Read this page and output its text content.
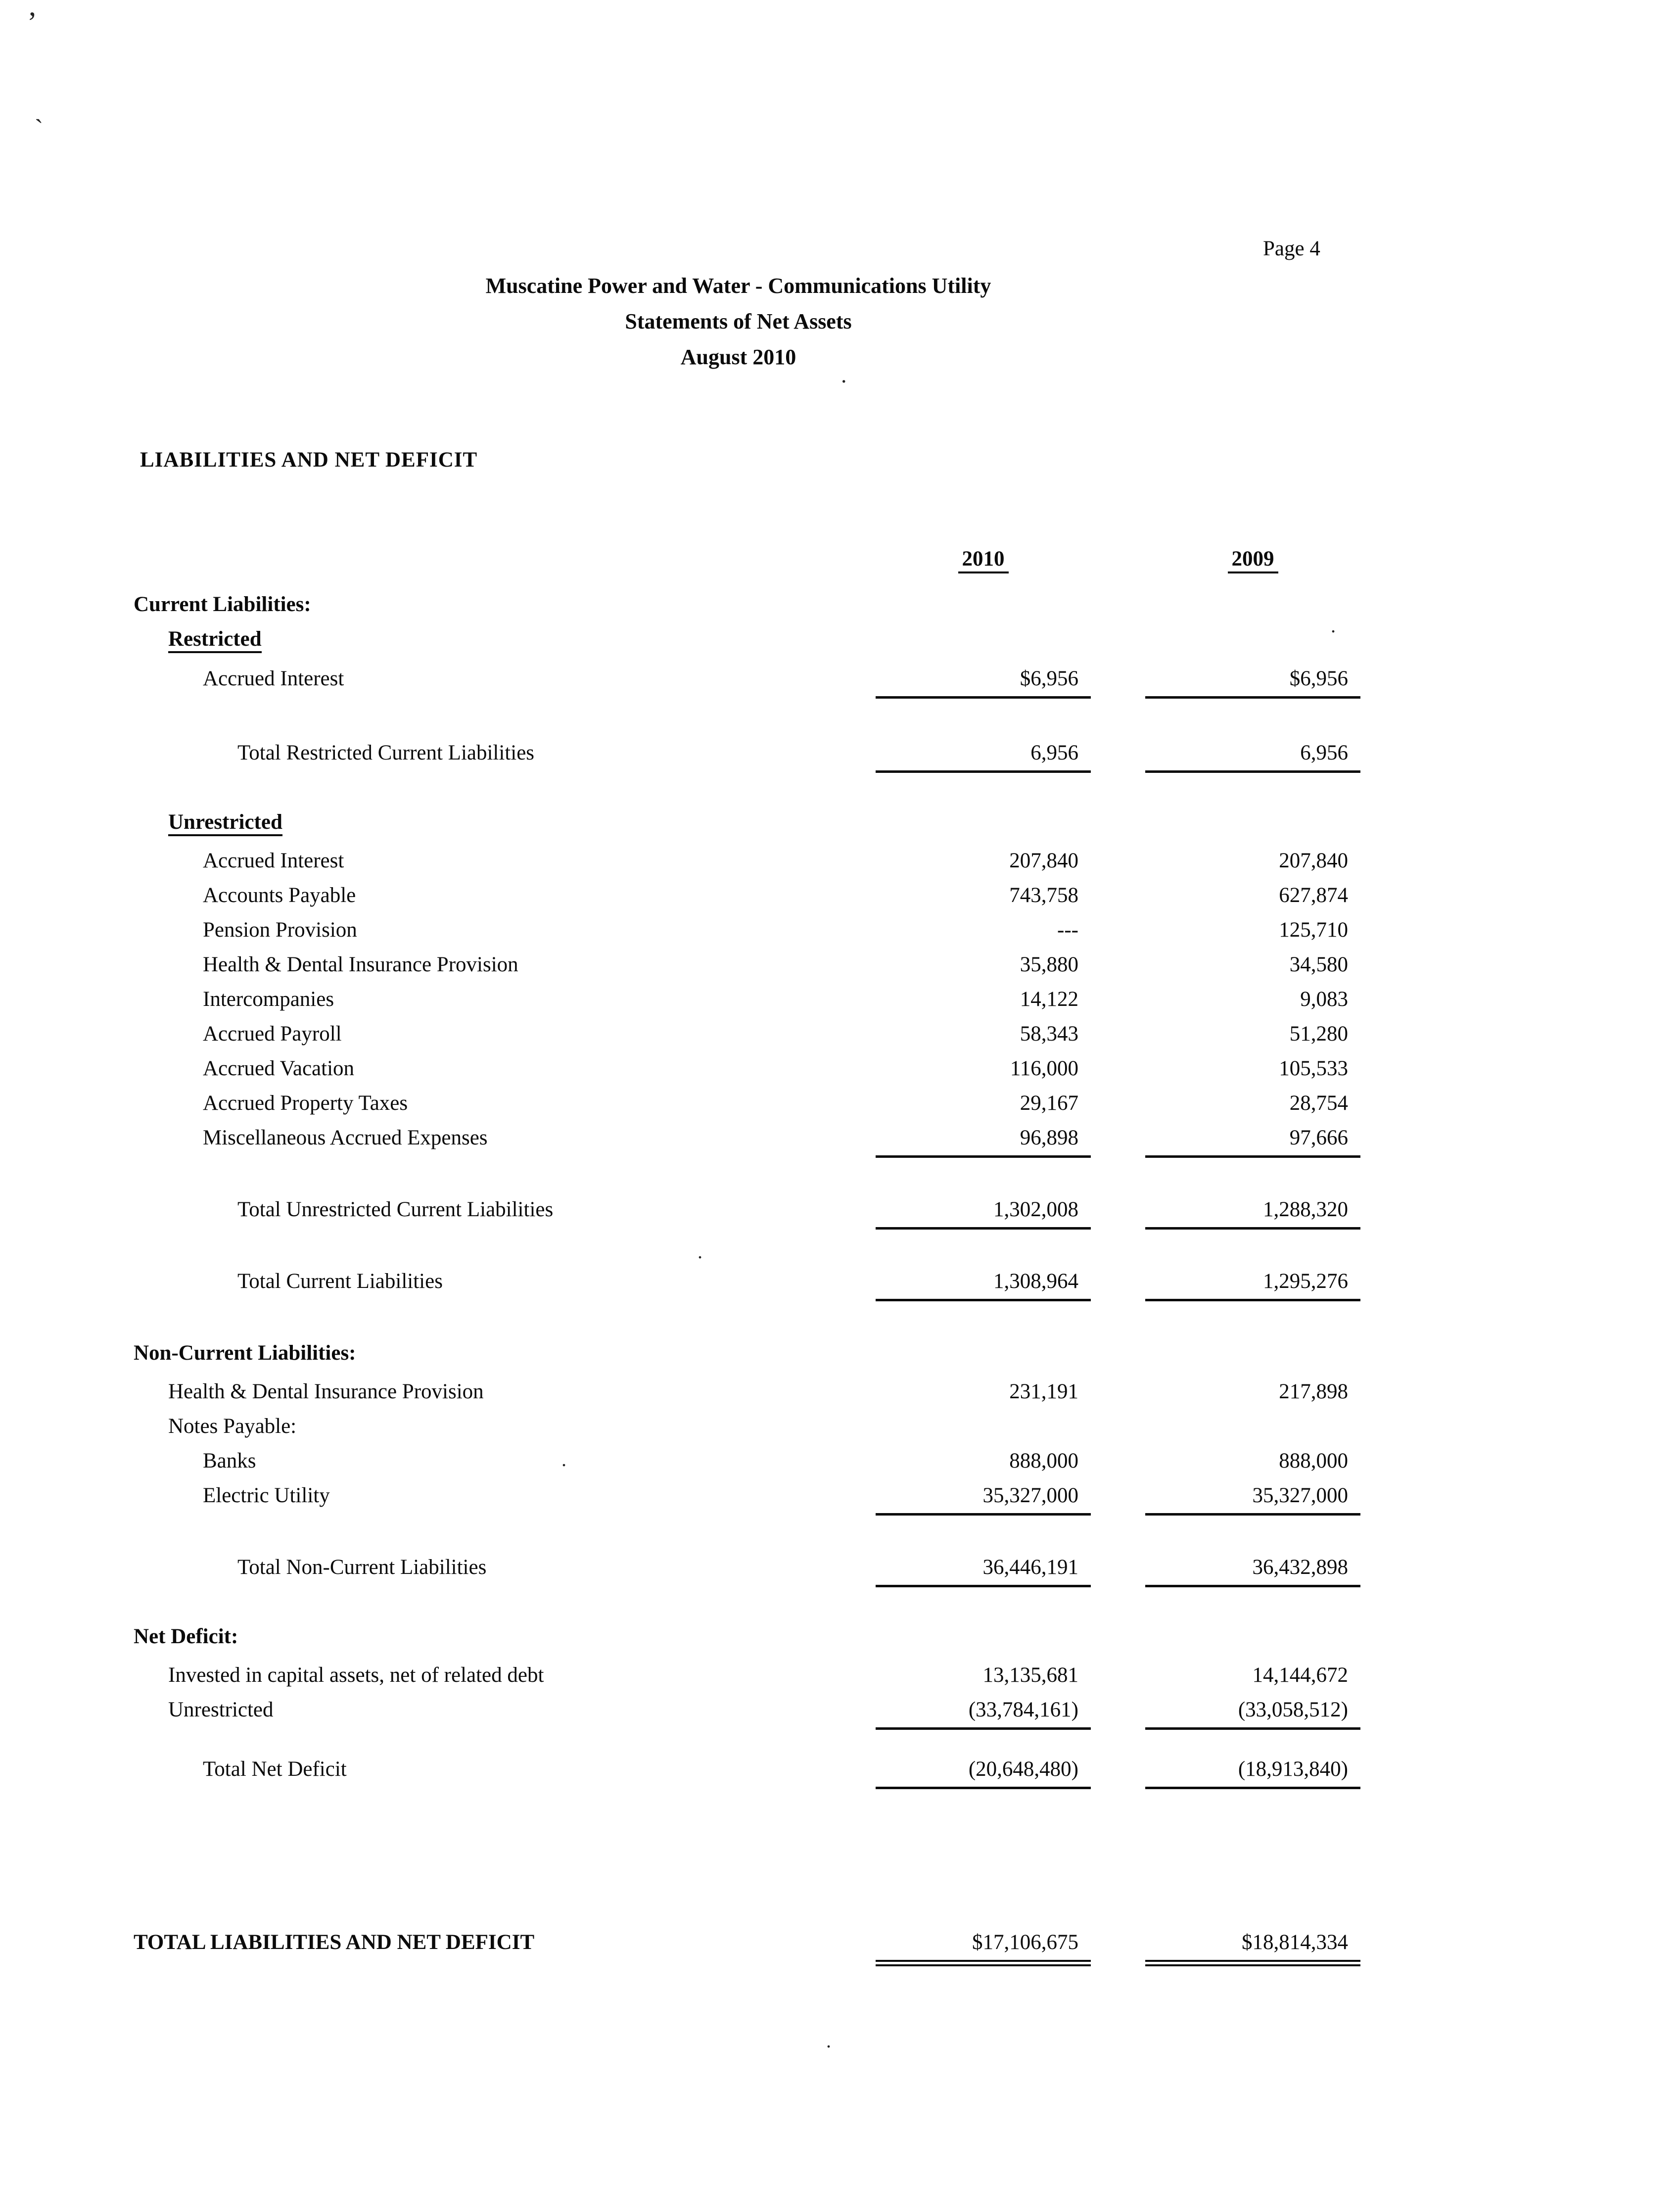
Page 4
Muscatine Power and Water - Communications Utility
Statements of Net Assets
August 2010
LIABILITIES AND NET DEFICIT
2010	2009
Current Liabilities:
Restricted
Accrued Interest	$6,956	$6,956
Total Restricted Current Liabilities	6,956	6,956
Unrestricted
Accrued Interest	207,840	207,840
Accounts Payable	743,758	627,874
Pension Provision	---	125,710
Health & Dental Insurance Provision	35,880	34,580
Intercompanies	14,122	9,083
Accrued Payroll	58,343	51,280
Accrued Vacation	116,000	105,533
Accrued Property Taxes	29,167	28,754
Miscellaneous Accrued Expenses	96,898	97,666
Total Unrestricted Current Liabilities	1,302,008	1,288,320
Total Current Liabilities	1,308,964	1,295,276
Non-Current Liabilities:
Health & Dental Insurance Provision	231,191	217,898
Notes Payable:
Banks	888,000	888,000
Electric Utility	35,327,000	35,327,000
Total Non-Current Liabilities	36,446,191	36,432,898
Net Deficit:
Invested in capital assets, net of related debt	13,135,681	14,144,672
Unrestricted	(33,784,161)	(33,058,512)
Total Net Deficit	(20,648,480)	(18,913,840)
TOTAL LIABILITIES AND NET DEFICIT	$17,106,675	$18,814,334
’
`
.
.
.
.
.
